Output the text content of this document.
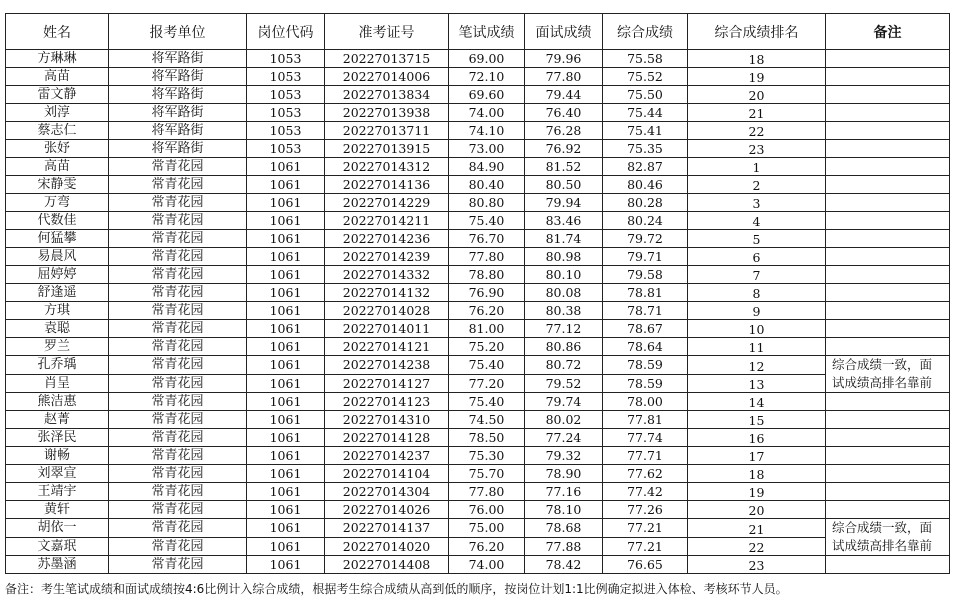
姓名	报考单位	岗位代码	准考证号	笔试成绩	面试成绩	综合成绩	综合成绩排名	备注
方琳琳	将军路街	1053	20227013715	69.00	79.96	75.58	18	
高苗	将军路街	1053	20227014006	72.10	77.80	75.52	19	
雷文静	将军路街	1053	20227013834	69.60	79.44	75.50	20	
刘淳	将军路街	1053	20227013938	74.00	76.40	75.44	21	
蔡志仁	将军路街	1053	20227013711	74.10	76.28	75.41	22	
张妤	将军路街	1053	20227013915	73.00	76.92	75.35	23	
高苗	常青花园	1061	20227014312	84.90	81.52	82.87	1	
宋静雯	常青花园	1061	20227014136	80.40	80.50	80.46	2	
万弯	常青花园	1061	20227014229	80.80	79.94	80.28	3	
代数佳	常青花园	1061	20227014211	75.40	83.46	80.24	4	
何猛攀	常青花园	1061	20227014236	76.70	81.74	79.72	5	
易晨风	常青花园	1061	20227014239	77.80	80.98	79.71	6	
屈婷婷	常青花园	1061	20227014332	78.80	80.10	79.58	7	
舒逢遥	常青花园	1061	20227014132	76.90	80.08	78.81	8	
方琪	常青花园	1061	20227014028	76.20	80.38	78.71	9	
袁聪	常青花园	1061	20227014011	81.00	77.12	78.67	10	
罗兰	常青花园	1061	20227014121	75.20	80.86	78.64	11	
孔乔瑀	常青花园	1061	20227014238	75.40	80.72	78.59	12	综合成绩一致，面试成绩高排名靠前
肖呈	常青花园	1061	20227014127	77.20	79.52	78.59	13	
熊洁惠	常青花园	1061	20227014123	75.40	79.74	78.00	14	
赵菁	常青花园	1061	20227014310	74.50	80.02	77.81	15	
张泽民	常青花园	1061	20227014128	78.50	77.24	77.74	16	
谢畅	常青花园	1061	20227014237	75.30	79.32	77.71	17	
刘翠宣	常青花园	1061	20227014104	75.70	78.90	77.62	18	
王靖宇	常青花园	1061	20227014304	77.80	77.16	77.42	19	
黄轩	常青花园	1061	20227014026	76.00	78.10	77.26	20	
胡依一	常青花园	1061	20227014137	75.00	78.68	77.21	21	综合成绩一致，面试成绩高排名靠前
文嘉珉	常青花园	1061	20227014020	76.20	77.88	77.21	22	
苏墨涵	常青花园	1061	20227014408	74.00	78.42	76.65	23	
备注：考生笔试成绩和面试成绩按4:6比例计入综合成绩，根据考生综合成绩从高到低的顺序，按岗位计划1:1比例确定拟进入体检、考核环节人员。
